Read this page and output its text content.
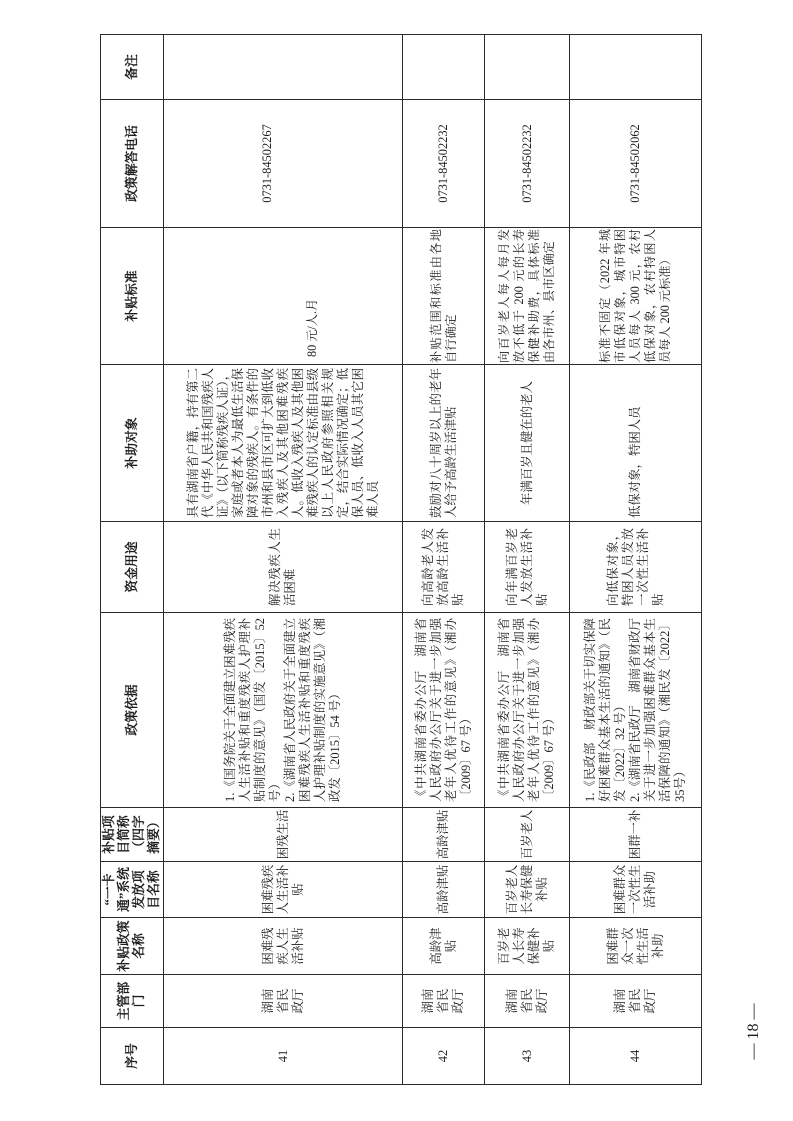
序号	主管部门	补贴政策名称	“一卡通”系统发放项目名称	补贴项目简称（四字摘要）	政策依据	资金用途	补助对象	补贴标准	政策解答电话	备注
41	湖南省民政厅	困难残疾人生活补贴	困难残疾人生活补贴	困残生活	1.《国务院关于全面建立困难残疾人生活补贴和重度残疾人护理补贴制度的意见》（国发〔2015〕52号） 2.《湖南省人民政府关于全面建立困难残疾人生活补贴和重度残疾人护理补贴制度的实施意见》（湘政发〔2015〕54 号）	解决残疾人生活困难	具有湖南省户籍，持有第二代《中华人民共和国残疾人证》（以下简称残疾人证），家庭或者本人为最低生活保障对象的残疾人。有条件的市州和县市区可扩大到低收入残疾人及其他困难残疾人。低收入残疾人及其他困难残疾人的认定标准由县级以上人民政府参照相关规定，结合实际情况确定；低保人员、低收入人员其它困难人员	80 元/人.月	0731-84502267	
42	湖南省民政厅	高龄津贴	高龄津贴	高龄津贴	《中共湖南省委办公厅　湖南省人民政府办公厅关于进一步加强老年人优待工作的意见》（湘办〔2009〕67 号）	向高龄老人发放高龄生活补贴	鼓励对八十周岁以上的老年人给予高龄生活津贴	补贴范围和标准由各地自行确定	0731-84502232	
43	湖南省民政厅	百岁老人长寿保健补贴	百岁老人长寿保健补贴	百岁老人	《中共湖南省委办公厅　湖南省人民政府办公厅关于进一步加强老年人优待工作的意见》（湘办〔2009〕67 号）	向年满百岁老人发放生活补贴	年满百岁且健在的老人	向百岁老人每人每月发放不低于 200 元的长寿保健补助费，具体标准由各市州、县市区确定	0731-84502232	
44	湖南省民政厅	困难群众一次性生活补助	困难群众一次性生活补助	困群一补	1.《民政部　财政部关于切实保障好困难群众基本生活的通知》（民发〔2022〕32 号） 2.《湖南省民政厅　湖南省财政厅关于进一步加强困难群众基本生活保障的通知》（湘民发〔2022〕35号）	向低保对象，特困人员发放一次性生活补贴	低保对象，特困人员	标准不固定（2022 年城市低保对象，城市特困人员每人 300 元，农村低保对象，农村特困人员每人 200 元标准）	0731-84502062	
— 18 —
